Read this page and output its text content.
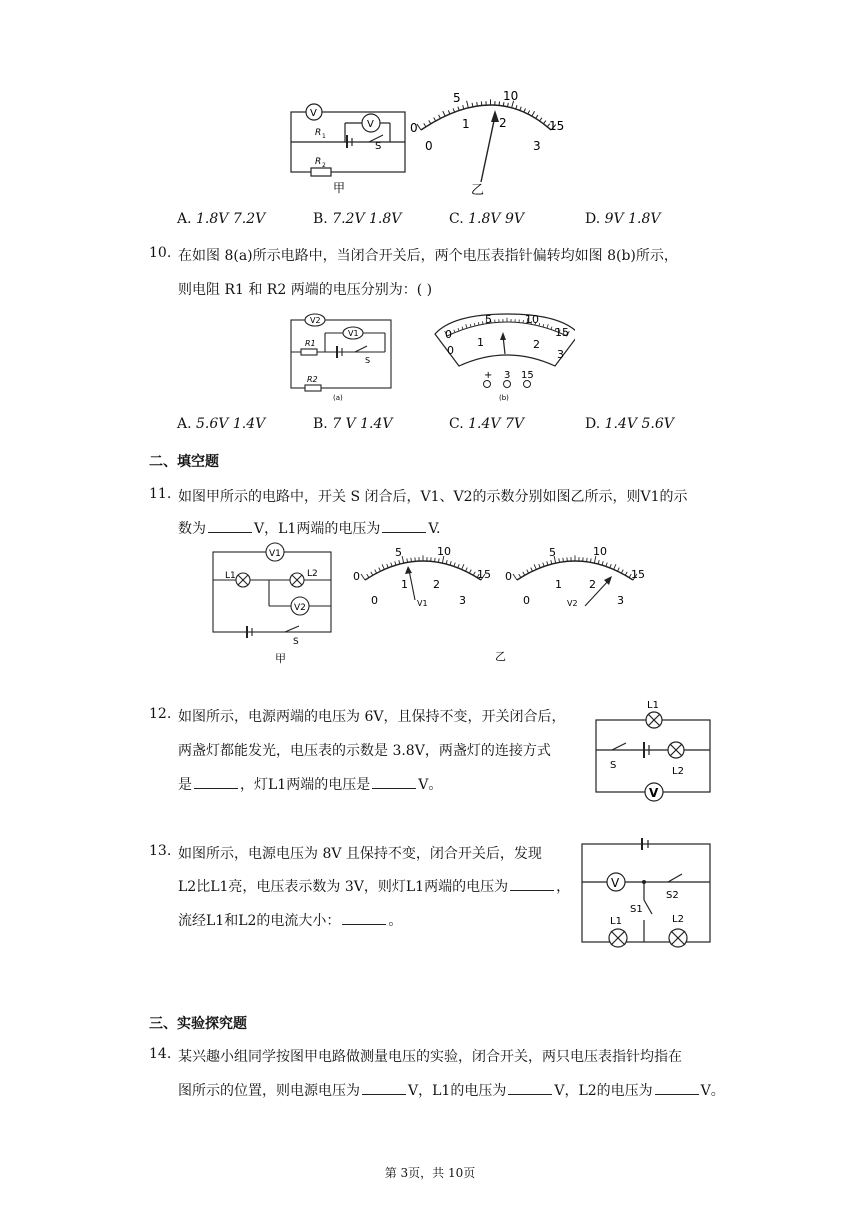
V
V
R 1
R 2
S
甲
0
5	10
15
0
1 2
3
乙
A. 1.8V 7.2V	B. 7.2V 1.8V	C. 1.8V 9V	D. 9V 1.8V
10. 在如图 8(a)所示电路中，当闭合开关后，两个电压表指针偏转均如图 8(b)所示，
则电阻 R1 和 R2 两端的电压分别为：( )
V2
V1
R1
R2
S
(a)
0
5	10
15
0
1	2
3
+ 3 15
(b)
A. 5.6V 1.4V	B. 7 V 1.4V	C. 1.4V 7V	D. 1.4V 5.6V
二、填空题
11. 如图甲所示的电路中，开关 S 闭合后，V1、V2的示数分别如图乙所示，则V1的示
数为	V，L1两端的电压为	V.
V1
V2
L1	L2
S
甲
0
5	10
15
0
1 2
3
V1
0
5	10
15
0
1 2
3
V2
乙
12. 如图所示，电源两端的电压为 6V，且保持不变，开关闭合后，
两盏灯都能发光，电压表的示数是 3.8V，两盏灯的连接方式
是	，灯L1两端的电压是	V。
L1
L2
S
V
13. 如图所示，电源电压为 8V 且保持不变，闭合开关后，发现
L2比L1亮，电压表示数为 3V，则灯L1两端的电压为	，
流经L1和L2的电流大小：	。
V
S1
S2
L1	L2
三、实验探究题
14. 某兴趣小组同学按图甲电路做测量电压的实验，闭合开关，两只电压表指针均指在
图所示的位置，则电源电压为	V，L1的电压为	V，L2的电压为	V。
第 3页，共 10页
